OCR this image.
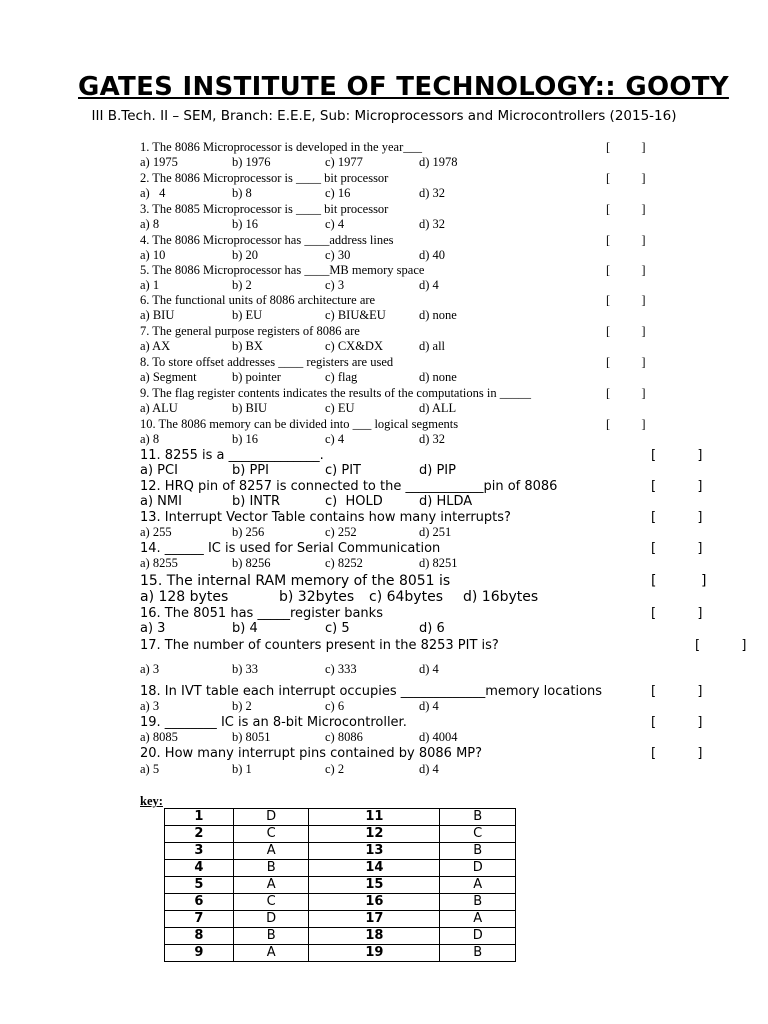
GATES INSTITUTE OF TECHNOLOGY:: GOOTY
III B.Tech. II – SEM, Branch: E.E.E, Sub: Microprocessors and Microcontrollers (2015-16)
1. The 8086 Microprocessor is developed in the year___	[          ]
a) 1975	b) 1976	c) 1977	d) 1978
2. The 8086 Microprocessor is ____ bit processor	[          ]
a)   4	b) 8	c) 16	d) 32
3. The 8085 Microprocessor is ____ bit processor	[          ]
a) 8	b) 16	c) 4	d) 32
4. The 8086 Microprocessor has ____address lines	[          ]
a) 10	b) 20	c) 30	d) 40
5. The 8086 Microprocessor has ____MB memory space	[          ]
a) 1	b) 2	c) 3	d) 4
6. The functional units of 8086 architecture are	[          ]
a) BIU	b) EU	c) BIU&EU	d) none
7. The general purpose registers of 8086 are	[          ]
a) AX	b) BX	c) CX&DX	d) all
8. To store offset addresses ____ registers are used	[          ]
a) Segment	b) pointer	c) flag	d) none
9. The flag register contents indicates the results of the computations in _____	[          ]
a) ALU	b) BIU	c) EU	d) ALL
10. The 8086 memory can be divided into ___ logical segments	[          ]
a) 8	b) 16	c) 4	d) 32
11. 8255 is a ______________.	[          ]
a) PCI	b) PPI	c) PIT	d) PIP
12. HRQ pin of 8257 is connected to the ____________pin of 8086	[          ]
a) NMI	b) INTR	c)  HOLD	d) HLDA
13. Interrupt Vector Table contains how many interrupts?	[          ]
a) 255	b) 256	c) 252	d) 251
14. ______ IC is used for Serial Communication	[          ]
a) 8255	b) 8256	c) 8252	d) 8251
15. The internal RAM memory of the 8051 is	[          ]
a) 128 bytes	b) 32bytes c) 64bytes d) 16bytes
16. The 8051 has _____register banks	[          ]
a) 3	b) 4	c) 5	d) 6
17. The number of counters present in the 8253 PIT is?	[          ]
a) 3	b) 33	c) 333	d) 4
18. In IVT table each interrupt occupies _____________memory locations	[          ]
a) 3	b) 2	c) 6	d) 4
19. ________ IC is an 8-bit Microcontroller.	[          ]
a) 8085	b) 8051	c) 8086	d) 4004
20. How many interrupt pins contained by 8086 MP?	[          ]
a) 5	b) 1	c) 2	d) 4
key:
1	D	11	B
2	C	12	C
3	A	13	B
4	B	14	D
5	A	15	A
6	C	16	B
7	D	17	A
8	B	18	D
9	A	19	B
